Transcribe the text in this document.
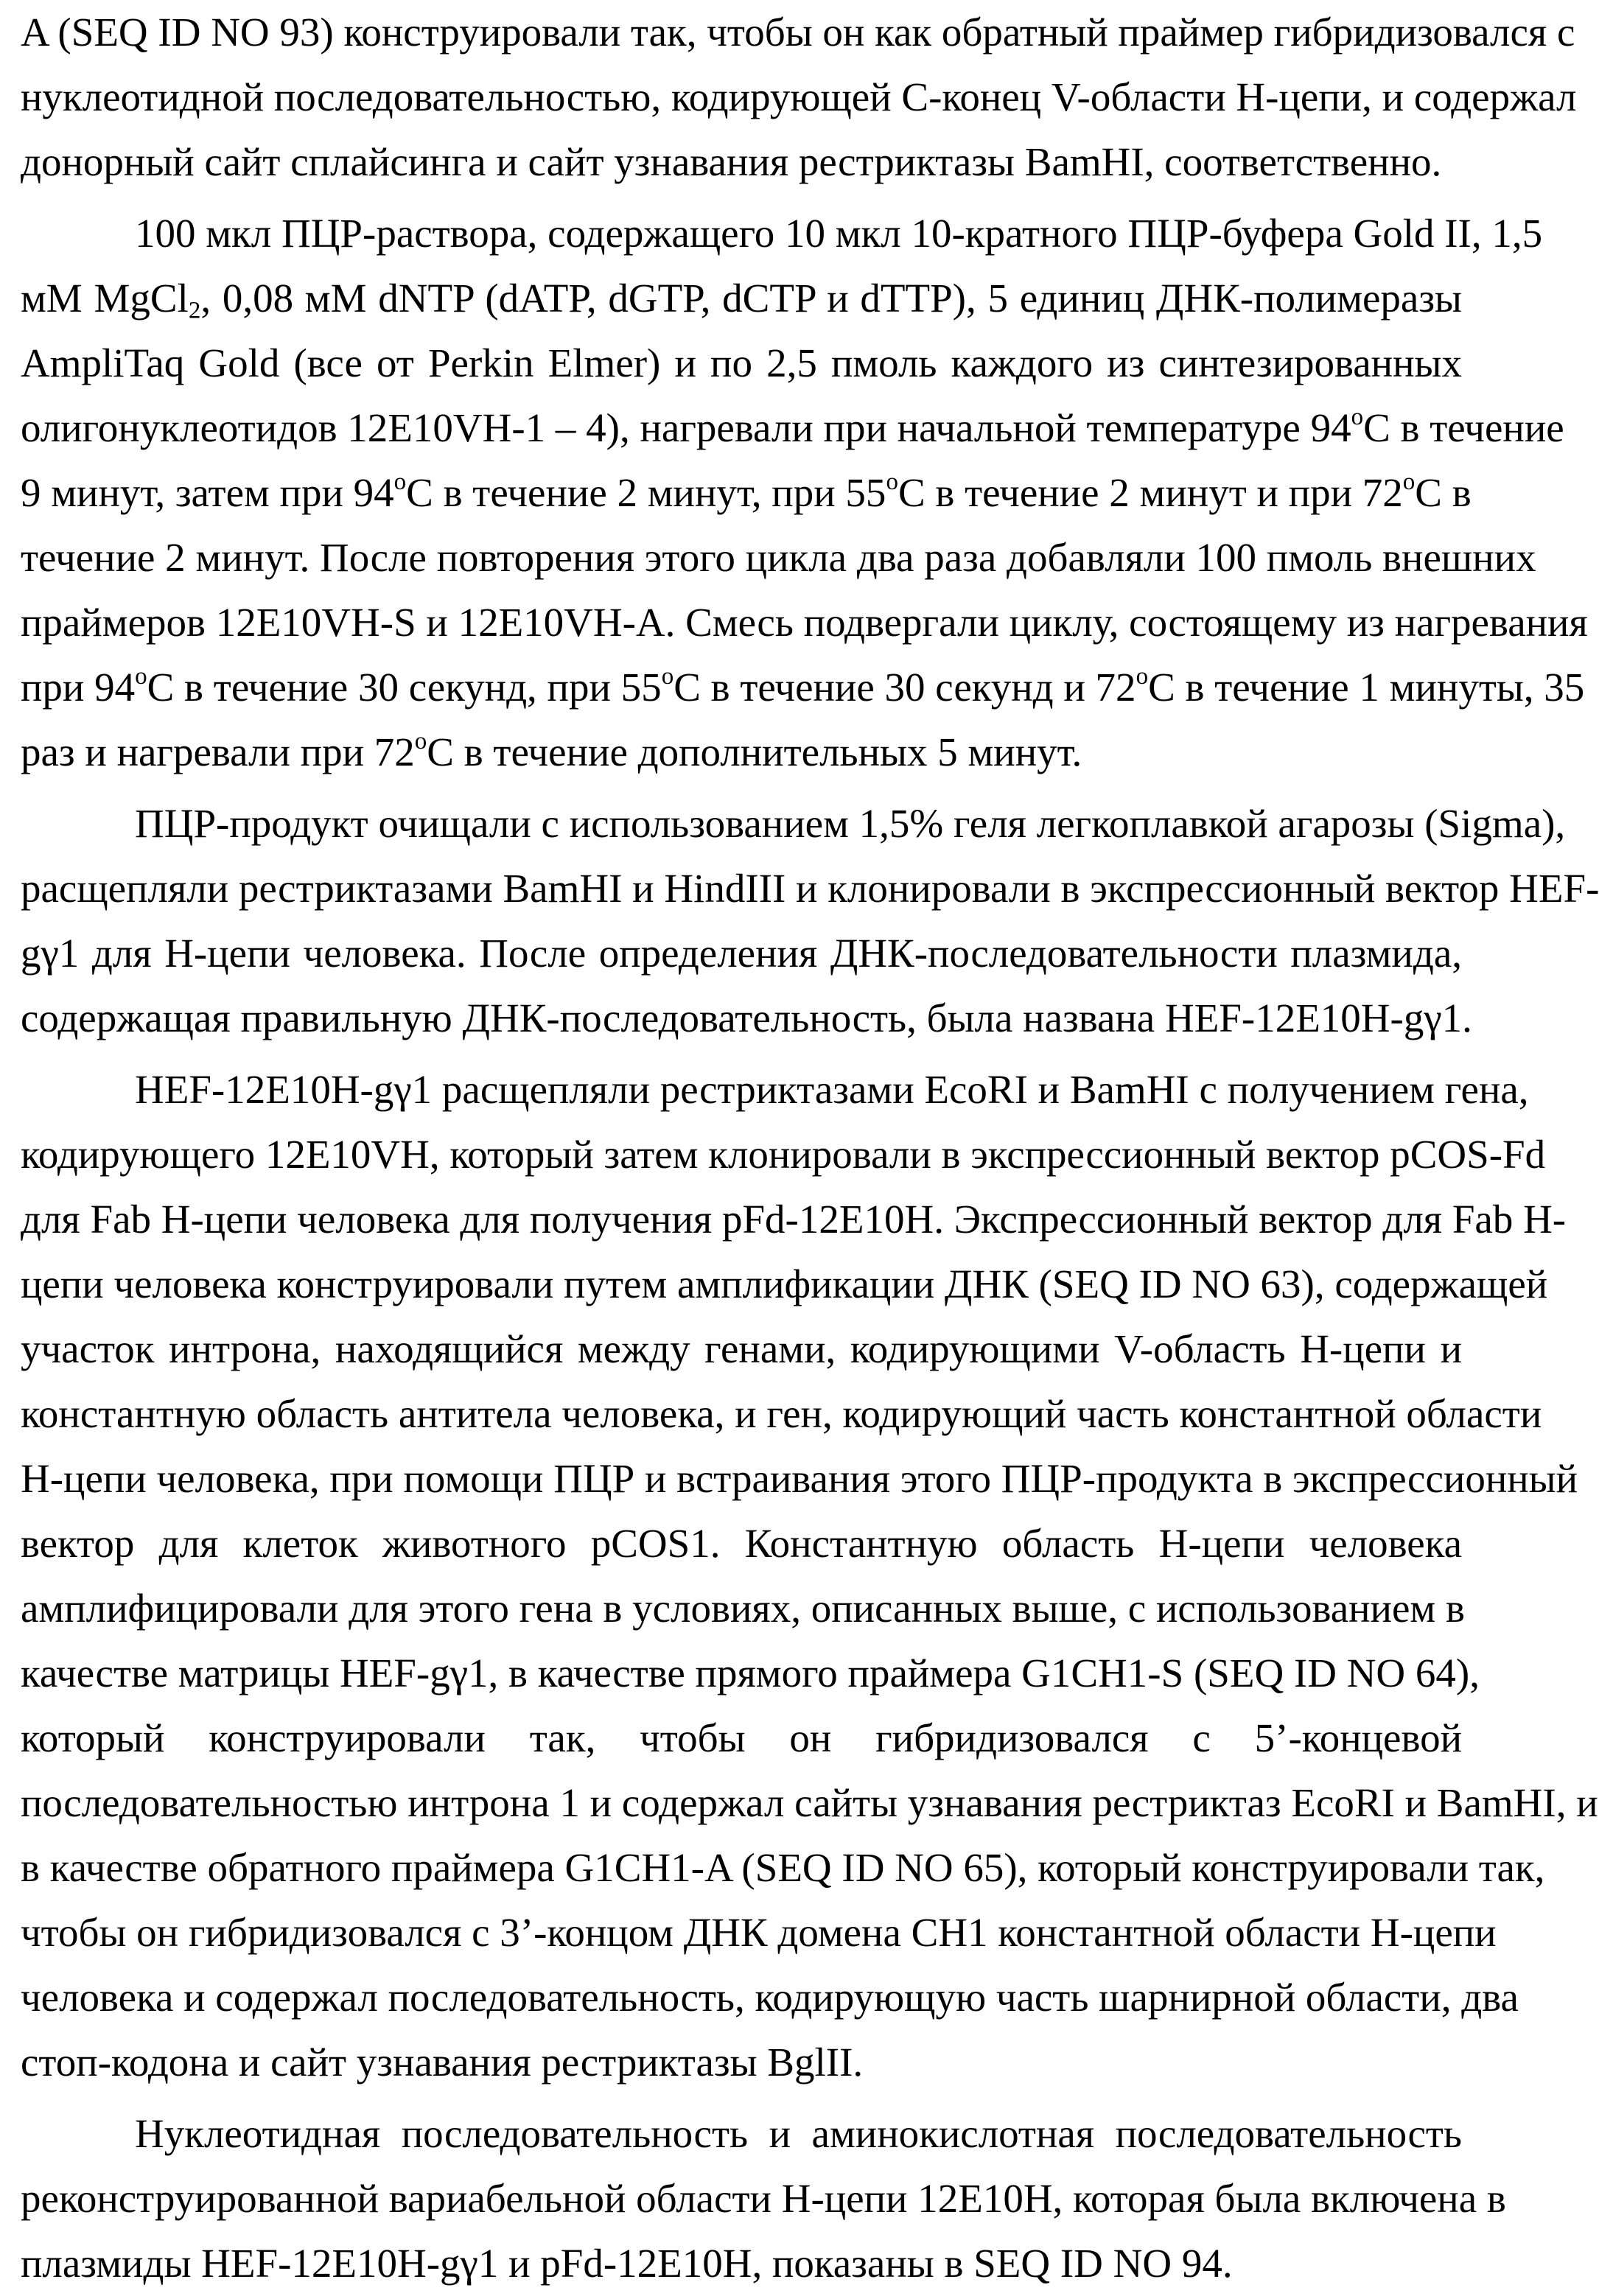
A (SEQ ID NO 93) конструировали так, чтобы он как обратный праймер гибридизовался с
нуклеотидной последовательностью, кодирующей С-конец V-области Н-цепи, и содержал
донорный сайт сплайсинга и сайт узнавания рестриктазы BamHI, соответственно.
100 мкл ПЦР-раствора, содержащего 10 мкл 10-кратного ПЦР-буфера Gold II, 1,5
мМ MgCl$_2$, 0,08 мМ dNTP (dATP, dGTP, dCTP и dTTP), 5 единиц ДНК-полимеразы
AmpliTaq Gold (все от Perkin Elmer) и по 2,5 пмоль каждого из синтезированных
олигонуклеотидов 12E10VH-1 – 4), нагревали при начальной температуре 94$^o$C в течение
9 минут, затем при 94$^o$C в течение 2 минут, при 55$^o$C в течение 2 минут и при 72$^o$C в
течение 2 минут. После повторения этого цикла два раза добавляли 100 пмоль внешних
праймеров 12E10VH-S и 12E10VH-A. Смесь подвергали циклу, состоящему из нагревания
при 94$^o$C в течение 30 секунд, при 55$^o$C в течение 30 секунд и 72$^o$C в течение 1 минуты, 35
раз и нагревали при 72$^o$C в течение дополнительных 5 минут.
ПЦР-продукт очищали с использованием 1,5% геля легкоплавкой агарозы (Sigma),
расщепляли рестриктазами BamHI и HindIII и клонировали в экспрессионный вектор HEF-
gγ1 для Н-цепи человека. После определения ДНК-последовательности плазмида,
содержащая правильную ДНК-последовательность, была названа HEF-12E10H-gγ1.
HEF-12E10H-gγ1 расщепляли рестриктазами EcoRI и BamHI с получением гена,
кодирующего 12E10VH, который затем клонировали в экспрессионный вектор pCOS-Fd
для Fab Н-цепи человека для получения pFd-12E10H. Экспрессионный вектор для Fab Н-
цепи человека конструировали путем амплификации ДНК (SEQ ID NO 63), содержащей
участок интрона, находящийся между генами, кодирующими V-область Н-цепи и
константную область антитела человека, и ген, кодирующий часть константной области
Н-цепи человека, при помощи ПЦР и встраивания этого ПЦР-продукта в экспрессионный
вектор для клеток животного pCOS1. Константную область Н-цепи человека
амплифицировали для этого гена в условиях, описанных выше, с использованием в
качестве матрицы HEF-gγ1, в качестве прямого праймера G1CH1-S (SEQ ID NO 64),
который конструировали так, чтобы он гибридизовался с 5’-концевой
последовательностью интрона 1 и содержал сайты узнавания рестриктаз EcoRI и BamHI, и
в качестве обратного праймера G1CH1-A (SEQ ID NO 65), который конструировали так,
чтобы он гибридизовался с 3’-концом ДНК домена CH1 константной области Н-цепи
человека и содержал последовательность, кодирующую часть шарнирной области, два
стоп-кодона и сайт узнавания рестриктазы BglII.
Нуклеотидная последовательность и аминокислотная последовательность
реконструированной вариабельной области Н-цепи 12E10H, которая была включена в
плазмиды HEF-12E10H-gγ1 и pFd-12E10H, показаны в SEQ ID NO 94.
